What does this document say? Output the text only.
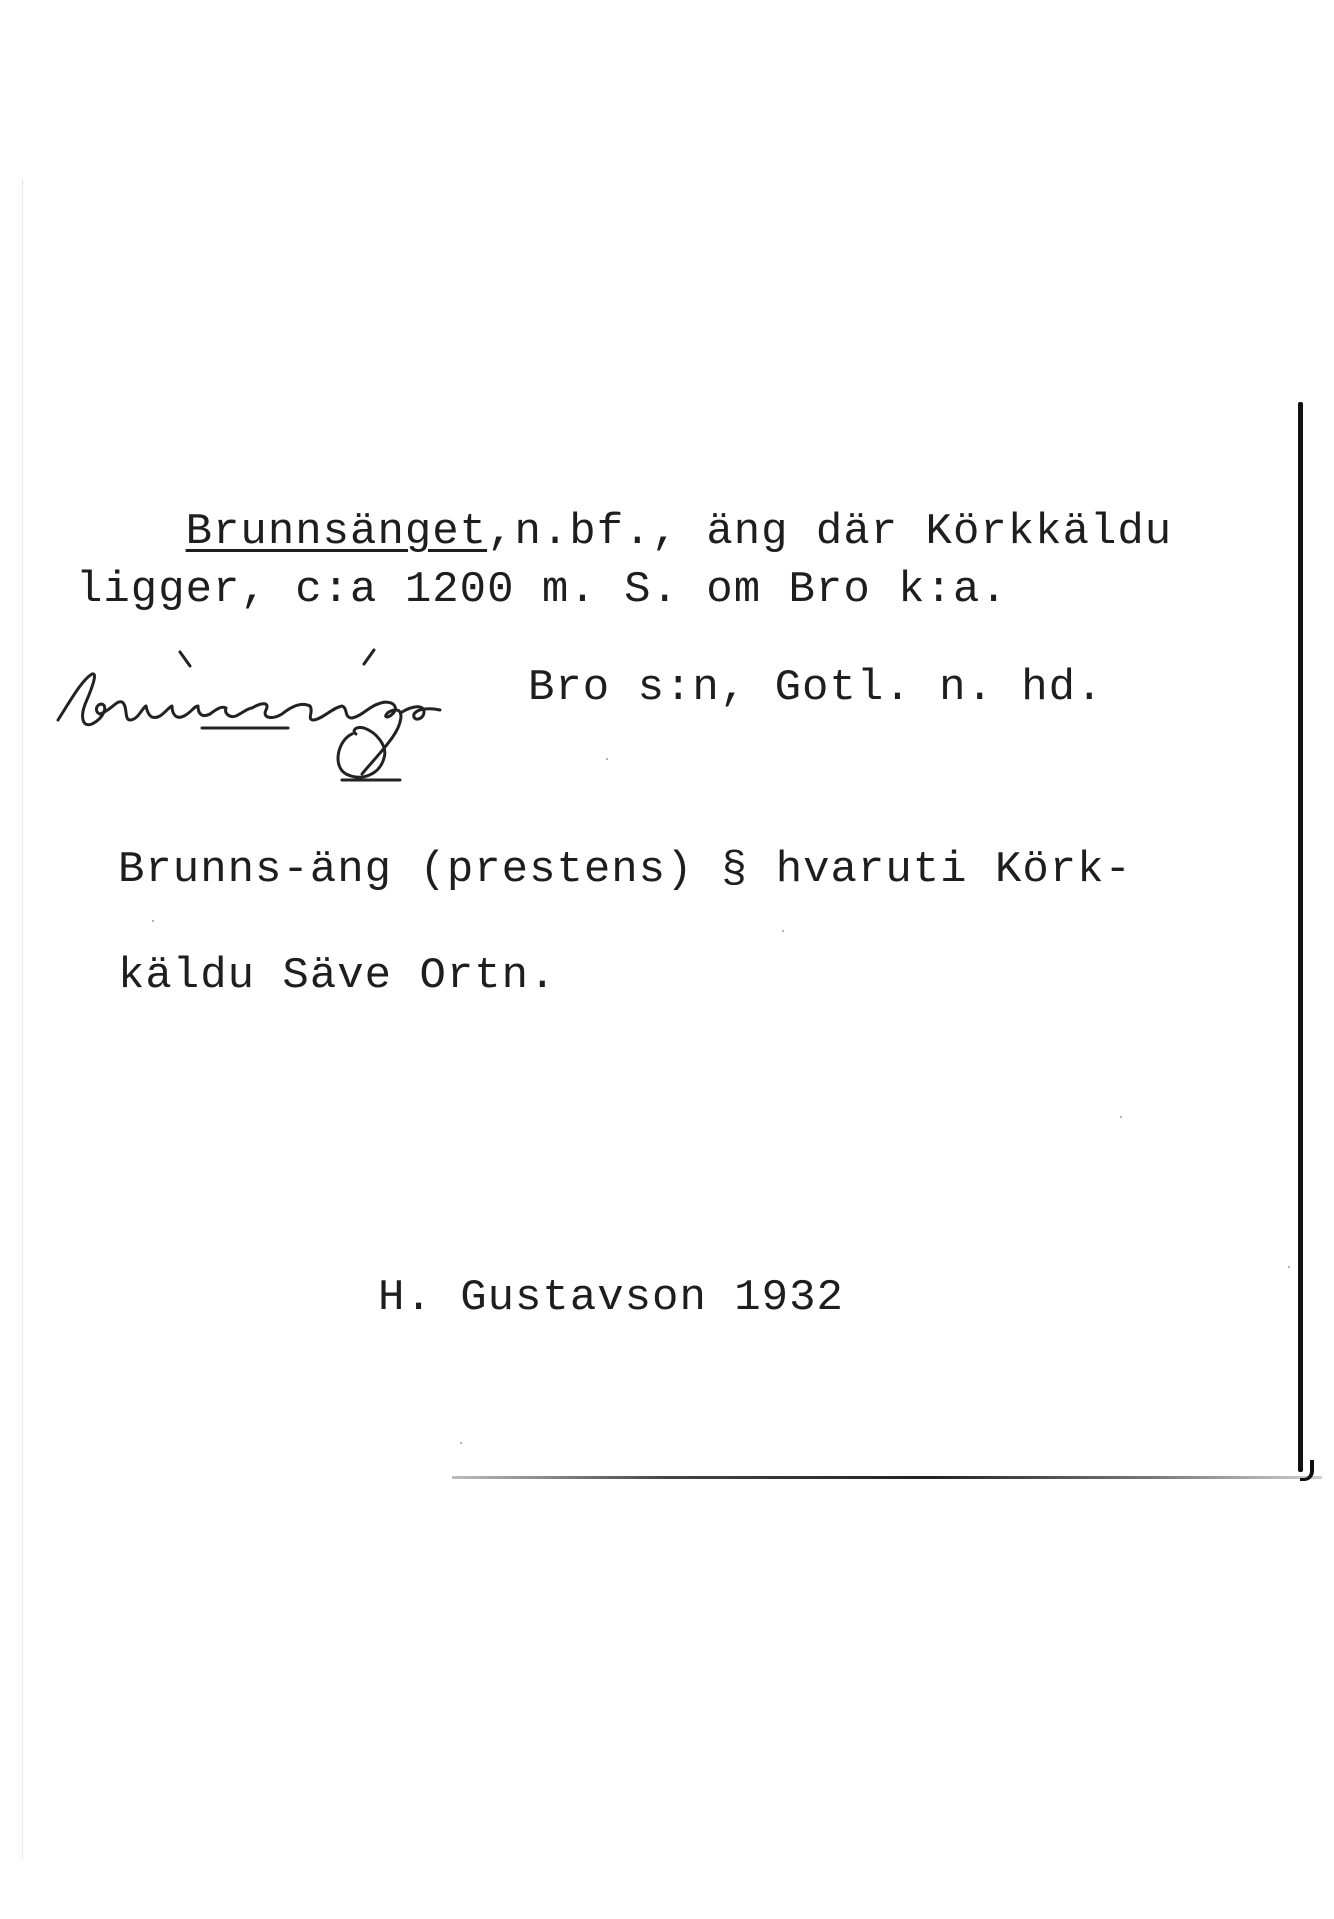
Brunnsänget,n.bf., äng där Körkkäldu

ligger, c:a 1200 m. S. om Bro k:a.
Bro s:n, Gotl. n. hd.
Brunns-äng (prestens) § hvaruti Körk-
käldu Säve Ortn.
H. Gustavson 1932
